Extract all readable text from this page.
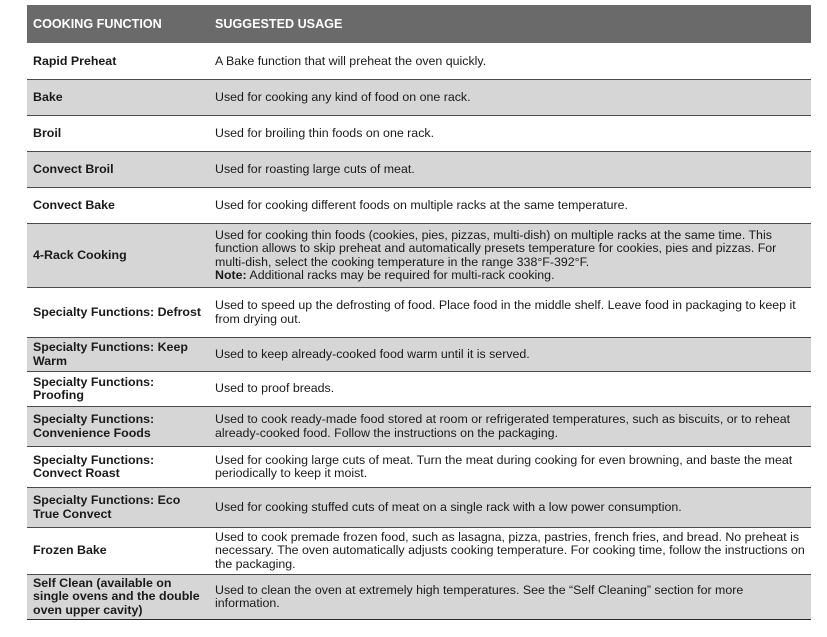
COOKING FUNCTION	SUGGESTED USAGE
Rapid Preheat	A Bake function that will preheat the oven quickly.
Bake	Used for cooking any kind of food on one rack.
Broil	Used for broiling thin foods on one rack.
Convect Broil	Used for roasting large cuts of meat.
Convect Bake	Used for cooking different foods on multiple racks at the same temperature.
4-Rack Cooking	Used for cooking thin foods (cookies, pies, pizzas, multi-dish) on multiple racks at the same time. This function allows to skip preheat and automatically presets temperature for cookies, pies and pizzas. For multi-dish, select the cooking temperature in the range 338°F-392°F.
Note: Additional racks may be required for multi-rack cooking.
Specialty Functions: Defrost	Used to speed up the defrosting of food. Place food in the middle shelf. Leave food in packaging to keep it from drying out.
Specialty Functions: Keep Warm	Used to keep already-cooked food warm until it is served.
Specialty Functions: Proofing	Used to proof breads.
Specialty Functions: Convenience Foods	Used to cook ready-made food stored at room or refrigerated temperatures, such as biscuits, or to reheat already-cooked food. Follow the instructions on the packaging.
Specialty Functions: Convect Roast	Used for cooking large cuts of meat. Turn the meat during cooking for even browning, and baste the meat periodically to keep it moist.
Specialty Functions: Eco True Convect	Used for cooking stuffed cuts of meat on a single rack with a low power consumption.
Frozen Bake	Used to cook premade frozen food, such as lasagna, pizza, pastries, french fries, and bread. No preheat is necessary. The oven automatically adjusts cooking temperature. For cooking time, follow the instructions on the packaging.
Self Clean (available on single ovens and the double oven upper cavity)	Used to clean the oven at extremely high temperatures. See the “Self Cleaning” section for more information.
